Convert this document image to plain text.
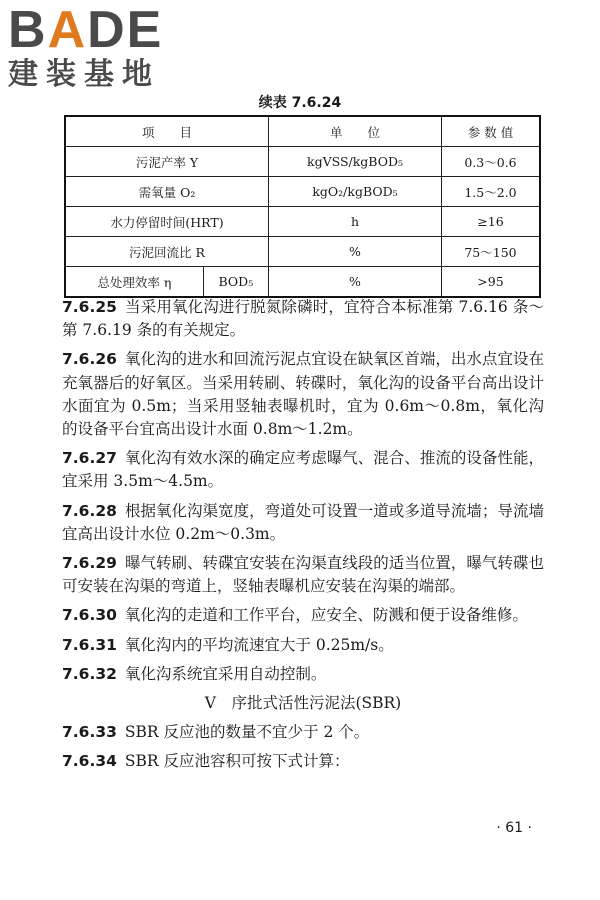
BADE
建装基地
续表 7.6.24
项　　目		单　　位	参 数 值
污泥产率 Y		kgVSS/kgBOD₅	0.3～0.6
需氧量 O₂		kgO₂/kgBOD₅	1.5～2.0
水力停留时间(HRT)		h	≥16
污泥回流比 R		%	75～150
总处理效率 η	BOD₅	%	>95

7.6.25 当采用氧化沟进行脱氮除磷时，宜符合本标准第 7.6.16 条～第 7.6.19 条的有关规定。

7.6.26 氧化沟的进水和回流污泥点宜设在缺氧区首端，出水点宜设在充氧器后的好氧区。当采用转刷、转碟时，氧化沟的设备平台高出设计水面宜为 0.5m；当采用竖轴表曝机时，宜为 0.6m～0.8m，氧化沟的设备平台宜高出设计水面 0.8m～1.2m。

7.6.27 氧化沟有效水深的确定应考虑曝气、混合、推流的设备性能，宜采用 3.5m～4.5m。

7.6.28 根据氧化沟渠宽度，弯道处可设置一道或多道导流墙；导流墙宜高出设计水位 0.2m～0.3m。

7.6.29 曝气转刷、转碟宜安装在沟渠直线段的适当位置，曝气转碟也可安装在沟渠的弯道上，竖轴表曝机应安装在沟渠的端部。

7.6.30 氧化沟的走道和工作平台，应安全、防溅和便于设备维修。

7.6.31 氧化沟内的平均流速宜大于 0.25m/s。

7.6.32 氧化沟系统宜采用自动控制。

Ⅴ　序批式活性污泥法(SBR)

7.6.33 SBR 反应池的数量不宜少于 2 个。

7.6.34 SBR 反应池容积可按下式计算：

· 61 ·
